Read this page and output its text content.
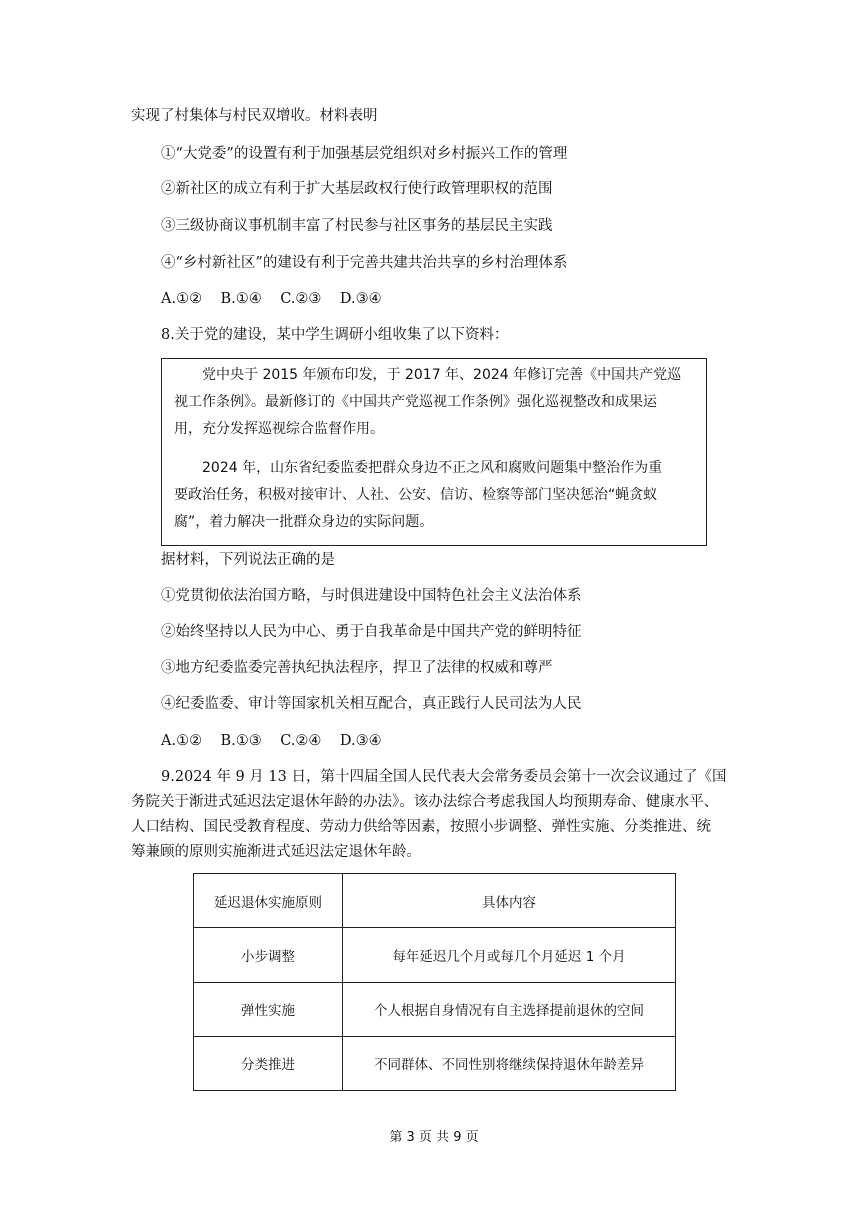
实现了村集体与村民双增收。材料表明
①“大党委”的设置有利于加强基层党组织对乡村振兴工作的管理
②新社区的成立有利于扩大基层政权行使行政管理职权的范围
③三级协商议事机制丰富了村民参与社区事务的基层民主实践
④“乡村新社区”的建设有利于完善共建共治共享的乡村治理体系
A.①② B.①④ C.②③ D.③④
8.关于党的建设，某中学生调研小组收集了以下资料：
党中央于 2015 年颁布印发，于 2017 年、2024 年修订完善《中国共产党巡
视工作条例》。最新修订的《中国共产党巡视工作条例》强化巡视整改和成果运
用，充分发挥巡视综合监督作用。
2024 年，山东省纪委监委把群众身边不正之风和腐败问题集中整治作为重
要政治任务，积极对接审计、人社、公安、信访、检察等部门坚决惩治“蝇贪蚁
腐”，着力解决一批群众身边的实际问题。
据材料，下列说法正确的是
①党贯彻依法治国方略，与时俱进建设中国特色社会主义法治体系
②始终坚持以人民为中心、勇于自我革命是中国共产党的鲜明特征
③地方纪委监委完善执纪执法程序，捍卫了法律的权威和尊严
④纪委监委、审计等国家机关相互配合，真正践行人民司法为人民
A.①② B.①③ C.②④ D.③④
9.2024 年 9 月 13 日，第十四届全国人民代表大会常务委员会第十一次会议通过了《国
务院关于渐进式延迟法定退休年龄的办法》。该办法综合考虑我国人均预期寿命、健康水平、
人口结构、国民受教育程度、劳动力供给等因素，按照小步调整、弹性实施、分类推进、统
筹兼顾的原则实施渐进式延迟法定退休年龄。
延迟退休实施原则	具体内容
小步调整	每年延迟几个月或每几个月延迟 1 个月
弹性实施	个人根据自身情况有自主选择提前退休的空间
分类推进	不同群体、不同性别将继续保持退休年龄差异
第 3 页 共 9 页
